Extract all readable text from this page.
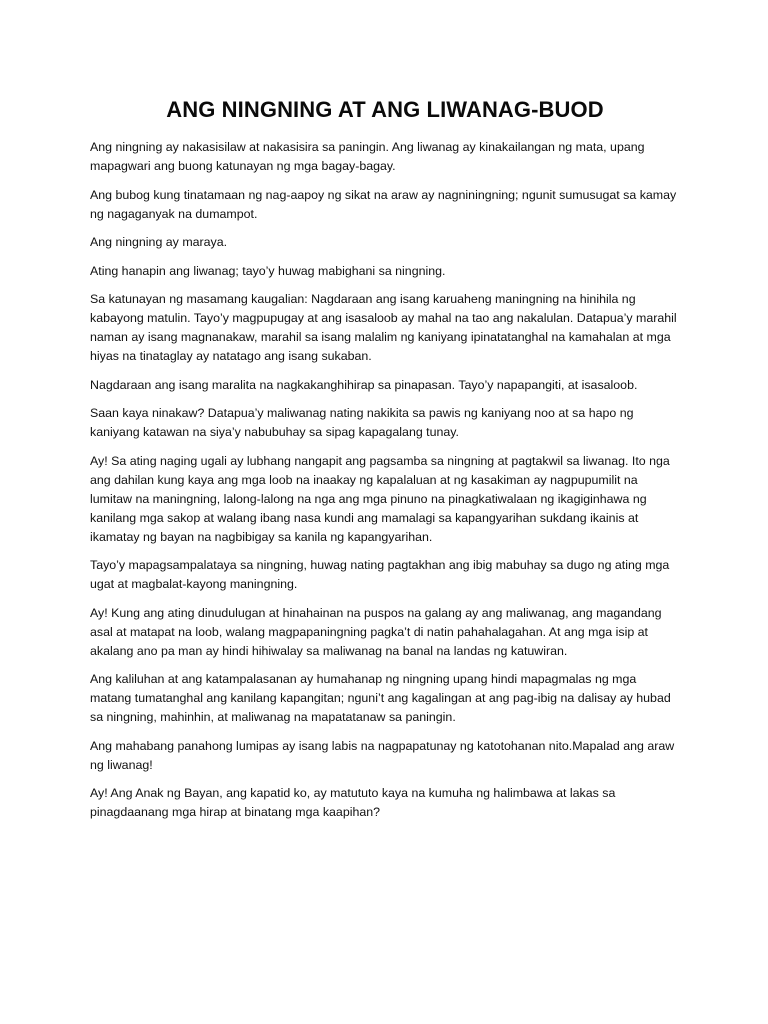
ANG NINGNING AT ANG LIWANAG-BUOD

Ang ningning ay nakasisilaw at nakasisira sa paningin. Ang liwanag ay kinakailangan ng mata, upang mapagwari ang buong katunayan ng mga bagay-bagay.

Ang bubog kung tinatamaan ng nag-aapoy ng sikat na araw ay nagniningning; ngunit sumusugat sa kamay ng nagaganyak na dumampot.

Ang ningning ay maraya.

Ating hanapin ang liwanag; tayo’y huwag mabighani sa ningning.

Sa katunayan ng masamang kaugalian: Nagdaraan ang isang karuaheng maningning na hinihila ng kabayong matulin. Tayo’y magpupugay at ang isasaloob ay mahal na tao ang nakalulan. Datapua’y marahil naman ay isang magnanakaw, marahil sa isang malalim ng kaniyang ipinatatanghal na kamahalan at mga hiyas na tinataglay ay natatago ang isang sukaban.

Nagdaraan ang isang maralita na nagkakanghihirap sa pinapasan. Tayo’y napapangiti, at isasaloob.

Saan kaya ninakaw? Datapua’y maliwanag nating nakikita sa pawis ng kaniyang noo at sa hapo ng kaniyang katawan na siya’y nabubuhay sa sipag kapagalang tunay.

Ay! Sa ating naging ugali ay lubhang nangapit ang pagsamba sa ningning at pagtakwil sa liwanag. Ito nga ang dahilan kung kaya ang mga loob na inaakay ng kapalaluan at ng kasakiman ay nagpupumilit na lumitaw na maningning, lalong-lalong na nga ang mga pinuno na pinagkatiwalaan ng ikagiginhawa ng kanilang mga sakop at walang ibang nasa kundi ang mamalagi sa kapangyarihan sukdang ikainis at ikamatay ng bayan na nagbibigay sa kanila ng kapangyarihan.

Tayo’y mapagsampalataya sa ningning, huwag nating pagtakhan ang ibig mabuhay sa dugo ng ating mga ugat at magbalat-kayong maningning.

Ay! Kung ang ating dinudulugan at hinahainan na puspos na galang ay ang maliwanag, ang magandang asal at matapat na loob, walang magpapaningning pagka’t di natin pahahalagahan. At ang mga isip at akalang ano pa man ay hindi hihiwalay sa maliwanag na banal na landas ng katuwiran.

Ang kaliluhan at ang katampalasanan ay humahanap ng ningning upang hindi mapagmalas ng mga matang tumatanghal ang kanilang kapangitan; nguni’t ang kagalingan at ang pag-ibig na dalisay ay hubad sa ningning, mahinhin, at maliwanag na mapatatanaw sa paningin.

Ang mahabang panahong lumipas ay isang labis na nagpapatunay ng katotohanan nito.Mapalad ang araw ng liwanag!

Ay! Ang Anak ng Bayan, ang kapatid ko, ay matututo kaya na kumuha ng halimbawa at lakas sa pinagdaanang mga hirap at binatang mga kaapihan?
